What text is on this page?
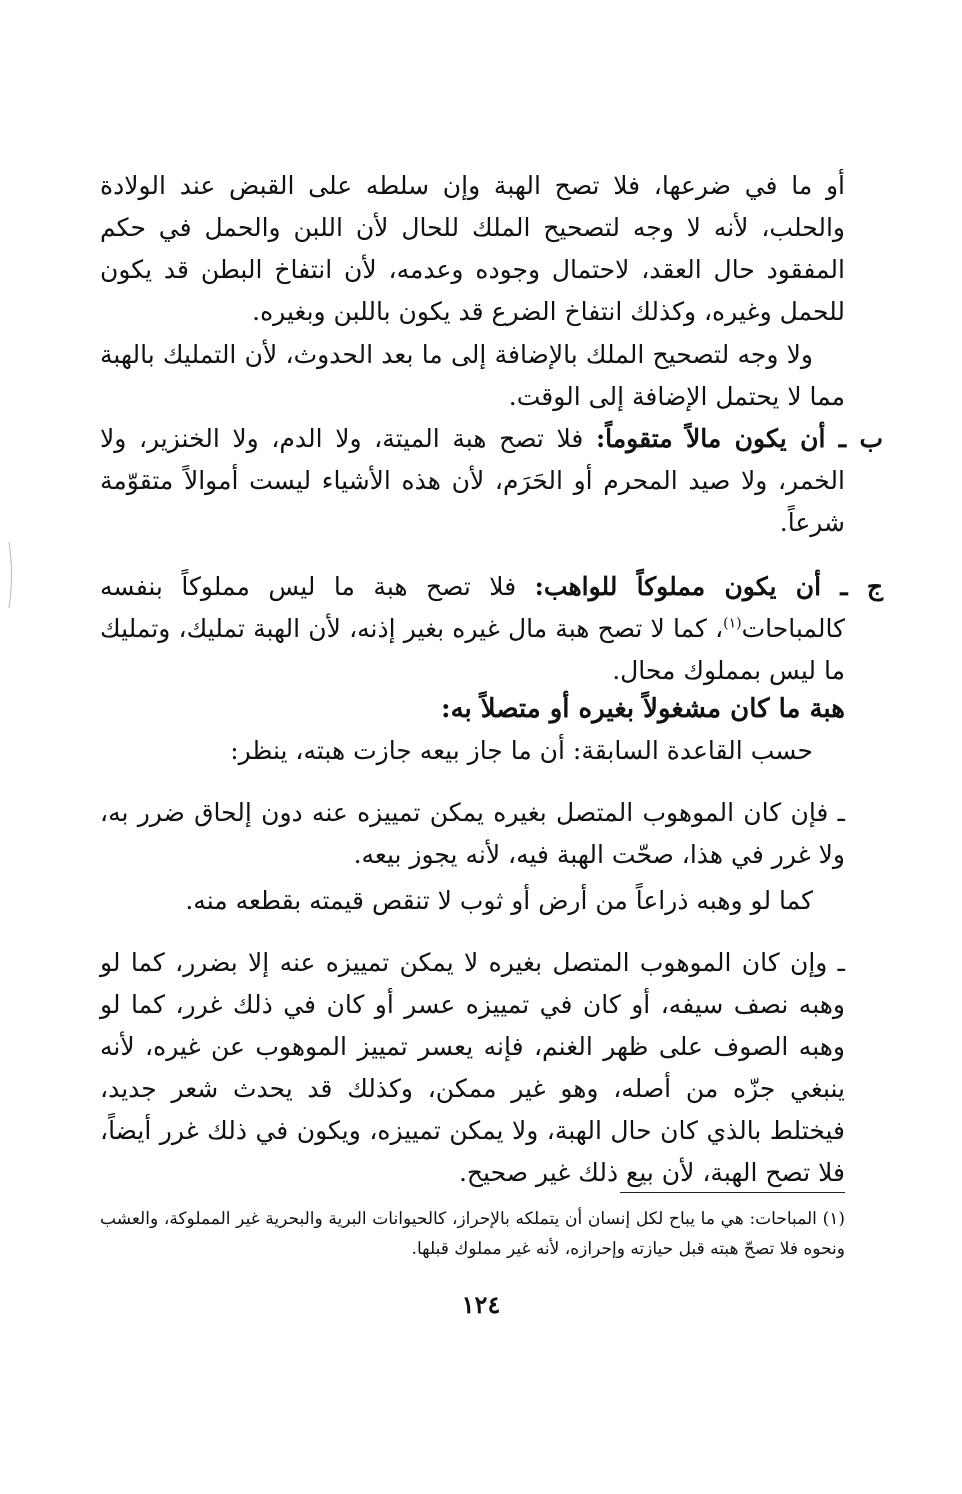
أو ما في ضرعها، فلا تصح الهبة وإن سلطه على القبض عند الولادة والحلب، لأنه لا وجه لتصحيح الملك للحال لأن اللبن والحمل في حكم المفقود حال العقد، لاحتمال وجوده وعدمه، لأن انتفاخ البطن قد يكون للحمل وغيره، وكذلك انتفاخ الضرع قد يكون باللبن وبغيره.
ولا وجه لتصحيح الملك بالإضافة إلى ما بعد الحدوث، لأن التمليك بالهبة مما لا يحتمل الإضافة إلى الوقت.
ب ـ أن يكون مالاً متقوماً: فلا تصح هبة الميتة، ولا الدم، ولا الخنزير، ولا الخمر، ولا صيد المحرم أو الحَرَم، لأن هذه الأشياء ليست أموالاً متقوّمة شرعاً.
ج ـ أن يكون مملوكاً للواهب: فلا تصح هبة ما ليس مملوكاً بنفسه كالمباحات$^{(١)}$، كما لا تصح هبة مال غيره بغير إذنه، لأن الهبة تمليك، وتمليك ما ليس بمملوك محال.
هبة ما كان مشغولاً بغيره أو متصلاً به:
حسب القاعدة السابقة: أن ما جاز بيعه جازت هبته، ينظر:
ـ فإن كان الموهوب المتصل بغيره يمكن تمييزه عنه دون إلحاق ضرر به، ولا غرر في هذا، صحّت الهبة فيه، لأنه يجوز بيعه.
كما لو وهبه ذراعاً من أرض أو ثوب لا تنقص قيمته بقطعه منه.
ـ وإن كان الموهوب المتصل بغيره لا يمكن تمييزه عنه إلا بضرر، كما لو وهبه نصف سيفه، أو كان في تمييزه عسر أو كان في ذلك غرر، كما لو وهبه الصوف على ظهر الغنم، فإنه يعسر تمييز الموهوب عن غيره، لأنه ينبغي جزّه من أصله، وهو غير ممكن، وكذلك قد يحدث شعر جديد، فيختلط بالذي كان حال الهبة، ولا يمكن تمييزه، ويكون في ذلك غرر أيضاً، فلا تصح الهبة، لأن بيع ذلك غير صحيح.
(١) المباحات: هي ما يباح لكل إنسان أن يتملكه بالإحراز، كالحيوانات البرية والبحرية غير المملوكة، والعشب ونحوه فلا تصحّ هبته قبل حيازته وإحرازه، لأنه غير مملوك قبلها.
١٢٤
